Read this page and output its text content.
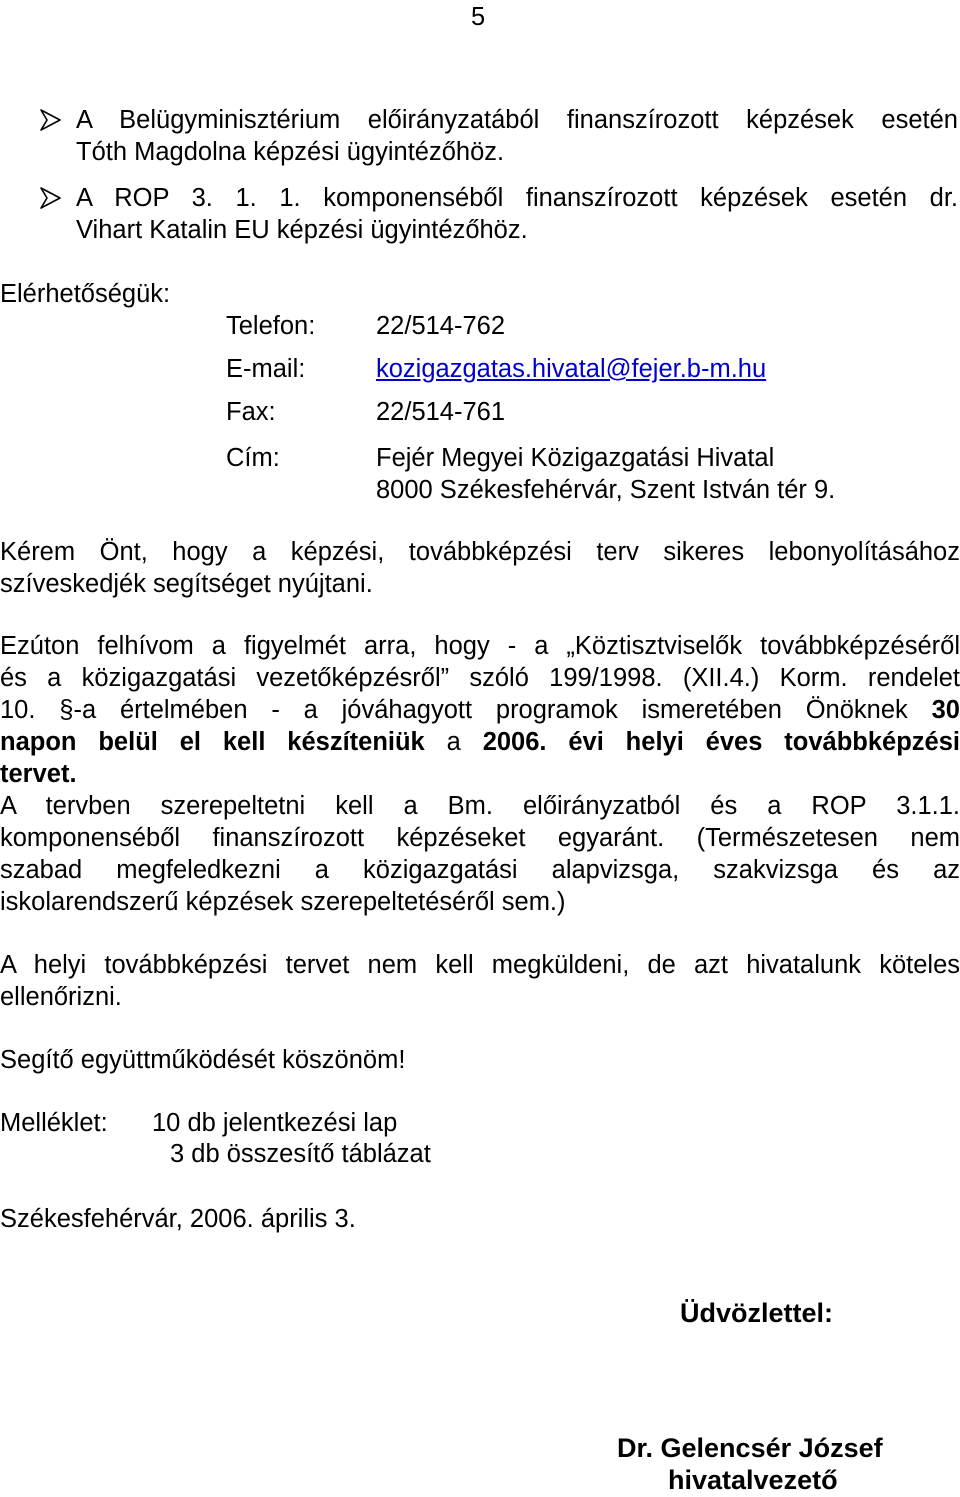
5
A Belügyminisztérium előirányzatából finanszírozott képzések esetén
Tóth Magdolna képzési ügyintézőhöz.
A ROP 3. 1. 1. komponenséből finanszírozott képzések esetén dr.
Vihart Katalin EU képzési ügyintézőhöz.
Elérhetőségük:
Telefon: 22/514-762
E-mail:	kozigazgatas.hivatal@fejer.b-m.hu
Fax:	22/514-761
Cím:	Fejér Megyei Közigazgatási Hivatal
8000 Székesfehérvár, Szent István tér 9.
Kérem Önt, hogy a képzési, továbbképzési terv sikeres lebonyolításához
szíveskedjék segítséget nyújtani.
Ezúton felhívom a figyelmét arra, hogy - a „Köztisztviselők továbbképzéséről
és a közigazgatási vezetőképzésről” szóló 199/1998. (XII.4.) Korm. rendelet
10. §-a értelmében - a jóváhagyott programok ismeretében Önöknek 30
napon belül el kell készíteniük a 2006. évi helyi éves továbbképzési
tervet.
A tervben szerepeltetni kell a Bm. előirányzatból és a ROP 3.1.1.
komponenséből finanszírozott képzéseket egyaránt. (Természetesen nem
szabad megfeledkezni a közigazgatási alapvizsga, szakvizsga és az
iskolarendszerű képzések szerepeltetéséről sem.)
A helyi továbbképzési tervet nem kell megküldeni, de azt hivatalunk köteles
ellenőrizni.
Segítő együttműködését köszönöm!
Melléklet: 10 db jelentkezési lap
3 db összesítő táblázat
Székesfehérvár, 2006. április 3.
Üdvözlettel:
Dr. Gelencsér József
hivatalvezető
